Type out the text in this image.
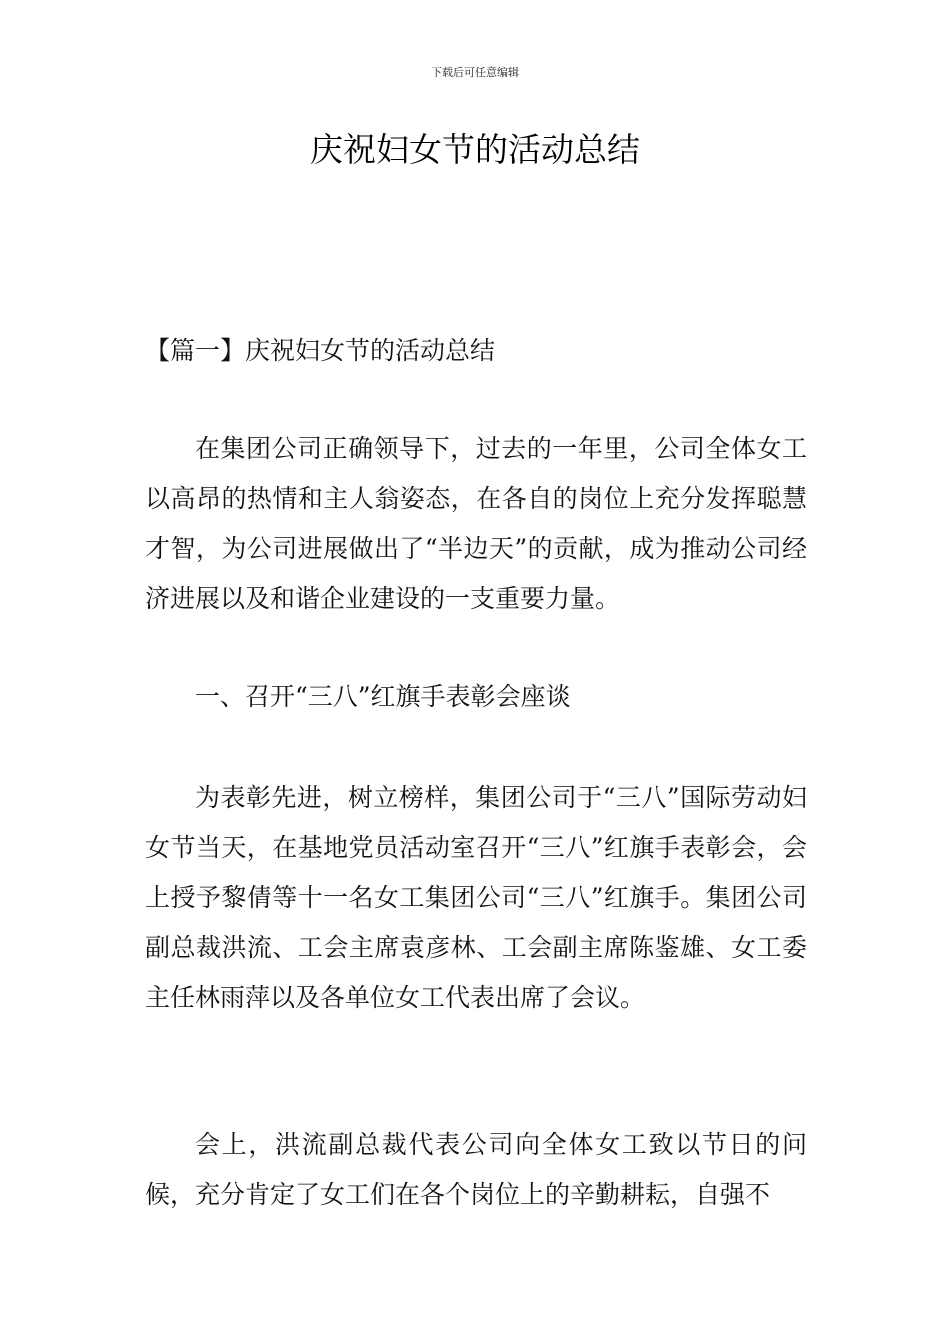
下载后可任意编辑
庆祝妇女节的活动总结

【篇一】庆祝妇女节的活动总结

在集团公司正确领导下，过去的一年里，公司全体女工以高昂的热情和主人翁姿态，在各自的岗位上充分发挥聪慧才智，为公司进展做出了“半边天”的贡献，成为推动公司经济进展以及和谐企业建设的一支重要力量。

一、召开“三八”红旗手表彰会座谈

为表彰先进，树立榜样，集团公司于“三八”国际劳动妇女节当天，在基地党员活动室召开“三八”红旗手表彰会，会上授予黎倩等十一名女工集团公司“三八”红旗手。集团公司副总裁洪流、工会主席袁彦林、工会副主席陈鉴雄、女工委主任林雨萍以及各单位女工代表出席了会议。

会上，洪流副总裁代表公司向全体女工致以节日的问候，充分肯定了女工们在各个岗位上的辛勤耕耘，自强不
